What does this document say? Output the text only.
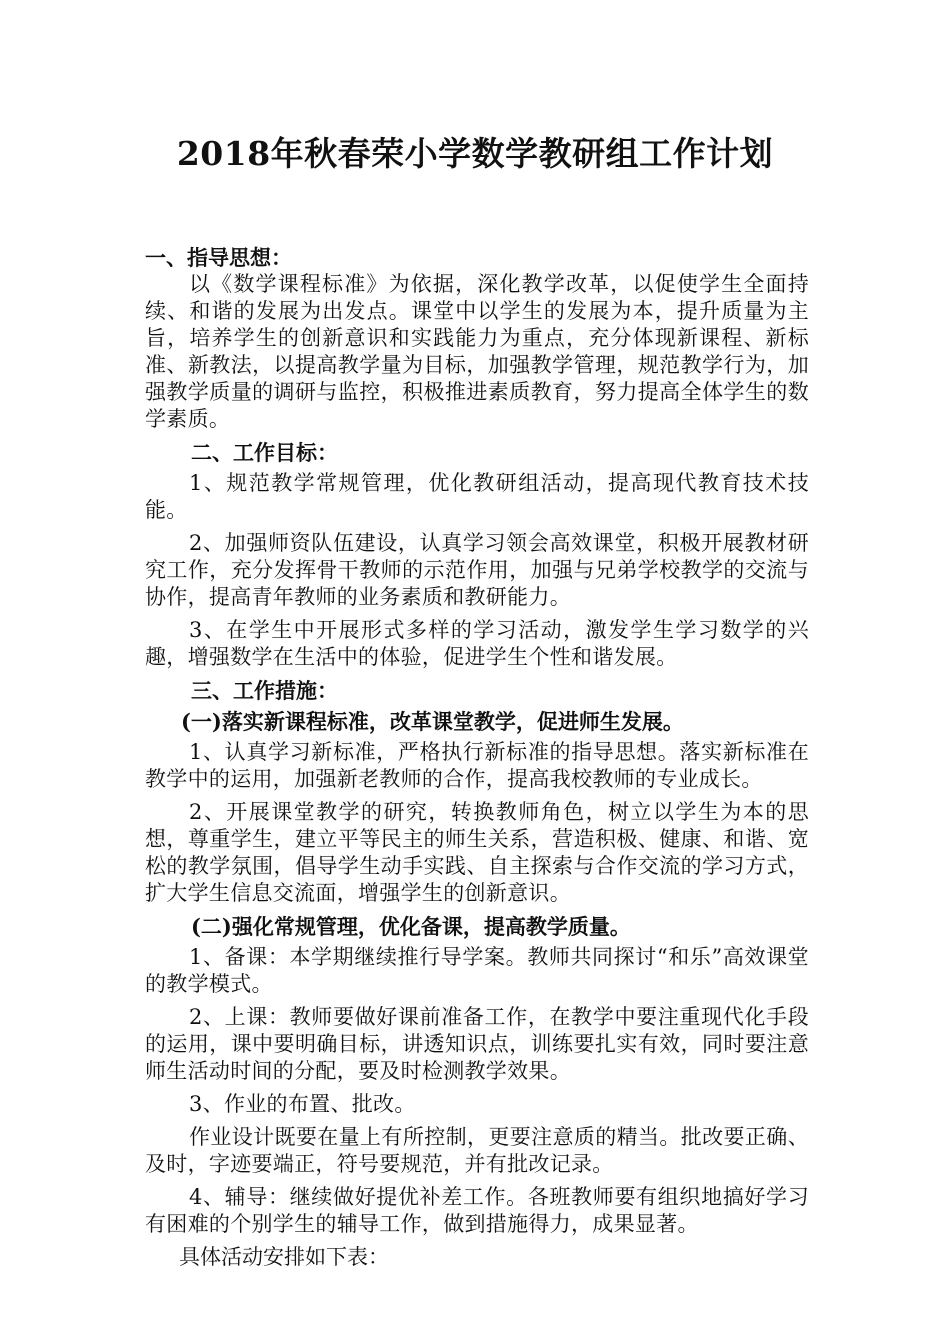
2018年秋春荣小学数学教研组工作计划

一、指导思想：

以《数学课程标准》为依据，深化教学改革，以促使学生全面持续、和谐的发展为出发点。课堂中以学生的发展为本，提升质量为主旨，培养学生的创新意识和实践能力为重点，充分体现新课程、新标准、新教法，以提高教学量为目标，加强教学管理，规范教学行为，加强教学质量的调研与监控，积极推进素质教育，努力提高全体学生的数学素质。

二、工作目标：

1、规范教学常规管理，优化教研组活动，提高现代教育技术技能。

2、加强师资队伍建设，认真学习领会高效课堂，积极开展教材研究工作，充分发挥骨干教师的示范作用，加强与兄弟学校教学的交流与协作，提高青年教师的业务素质和教研能力。

3、在学生中开展形式多样的学习活动，激发学生学习数学的兴趣，增强数学在生活中的体验，促进学生个性和谐发展。

三、工作措施：

(一)落实新课程标准，改革课堂教学，促进师生发展。

1、认真学习新标准，严格执行新标准的指导思想。落实新标准在教学中的运用，加强新老教师的合作，提高我校教师的专业成长。

2、开展课堂教学的研究，转换教师角色，树立以学生为本的思想，尊重学生，建立平等民主的师生关系，营造积极、健康、和谐、宽松的教学氛围，倡导学生动手实践、自主探索与合作交流的学习方式，扩大学生信息交流面，增强学生的创新意识。

(二)强化常规管理，优化备课，提高教学质量。

1、备课：本学期继续推行导学案。教师共同探讨“和乐”高效课堂的教学模式。

2、上课：教师要做好课前准备工作，在教学中要注重现代化手段的运用，课中要明确目标，讲透知识点，训练要扎实有效，同时要注意师生活动时间的分配，要及时检测教学效果。

3、作业的布置、批改。

作业设计既要在量上有所控制，更要注意质的精当。批改要正确、及时，字迹要端正，符号要规范，并有批改记录。

4、辅导：继续做好提优补差工作。各班教师要有组织地搞好学习有困难的个别学生的辅导工作，做到措施得力，成果显著。

具体活动安排如下表：
